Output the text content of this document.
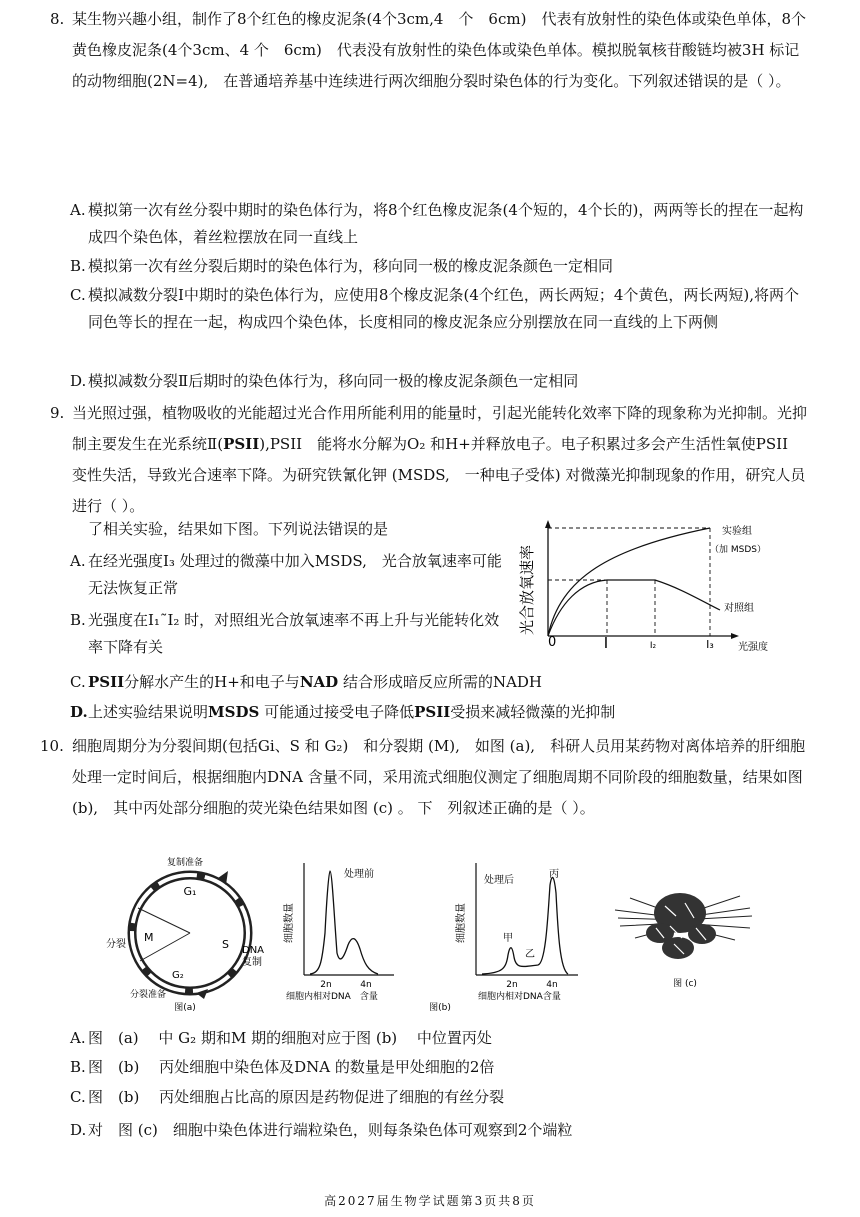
8. 某生物兴趣小组，制作了8个红色的橡皮泥条(4个3cm,4　个　6cm)　代表有放射性的染色体或染色单体，8个黄色橡皮泥条(4个3cm、4 个　6cm)　代表没有放射性的染色体或染色单体。模拟脱氧核苷酸链均被3H 标记的动物细胞(2N=4),　在普通培养基中连续进行两次细胞分裂时染色体的行为变化。下列叙述错误的是（ ）。
A. 模拟第一次有丝分裂中期时的染色体行为，将8个红色橡皮泥条(4个短的，4个长的)，两两等长的捏在一起构成四个染色体，着丝粒摆放在同一直线上
B. 模拟第一次有丝分裂后期时的染色体行为，移向同一极的橡皮泥条颜色一定相同
C. 模拟减数分裂I中期时的染色体行为，应使用8个橡皮泥条(4个红色，两长两短；4个黄色，两长两短),将两个同色等长的捏在一起，构成四个染色体，长度相同的橡皮泥条应分别摆放在同一直线的上下两侧
D. 模拟减数分裂Ⅱ后期时的染色体行为，移向同一极的橡皮泥条颜色一定相同
9. 当光照过强，植物吸收的光能超过光合作用所能利用的能量时，引起光能转化效率下降的现象称为光抑制。光抑制主要发生在光系统Ⅱ(PSII),PSII　能将水分解为O₂ 和H+并释放电子。电子积累过多会产生活性氧使PSII 变性失活，导致光合速率下降。为研究铁氰化钾 (MSDS,　一种电子受体) 对微藻光抑制现象的作用，研究人员进行（ ）。
了相关实验，结果如下图。下列说法错误的是
A. 在经光强度I₃ 处理过的微藻中加入MSDS,　光合放氧速率可能无法恢复正常
B. 光强度在I₁˜I₂ 时，对照组光合放氧速率不再上升与光能转化效率下降有关
C. PSII分解水产生的H+和电子与NAD 结合形成暗反应所需的NADH
D. 上述实验结果说明MSDS 可能通过接受电子降低PSII受损来减轻微藻的光抑制
光合放氧速率
光强度
0	I	I₂	I₃
实验组
（加 MSDS）
对照组
10. 细胞周期分为分裂间期(包括Gi、S 和 G₂)　和分裂期 (M),　如图 (a),　科研人员用某药物对离体培养的肝细胞处理一定时间后，根据细胞内DNA 含量不同，采用流式细胞仪测定了细胞周期不同阶段的细胞数量，结果如图 (b),　其中丙处部分细胞的荧光染色结果如图 (c) 。 下　列叙述正确的是（ ）。
复制准备
G₁
S DNA
复制
M
分裂
G₂
分裂准备
图(a)
细胞数量
处理前
2n	4n
细胞内相对DNA　含量
图(b)
细胞数量
处理后
甲
乙
丙
2n	4n
细胞内相对DNA含量
图 (c)
A. 图　(a)　 中 G₂ 期和M 期的细胞对应于图 (b)　 中位置丙处
B. 图　(b)　 丙处细胞中染色体及DNA 的数量是甲处细胞的2倍
C. 图　(b)　 丙处细胞占比高的原因是药物促进了细胞的有丝分裂
D. 对　图 (c)　细胞中染色体进行端粒染色，则每条染色体可观察到2个端粒
高2027届生物学试题第3页共8页
